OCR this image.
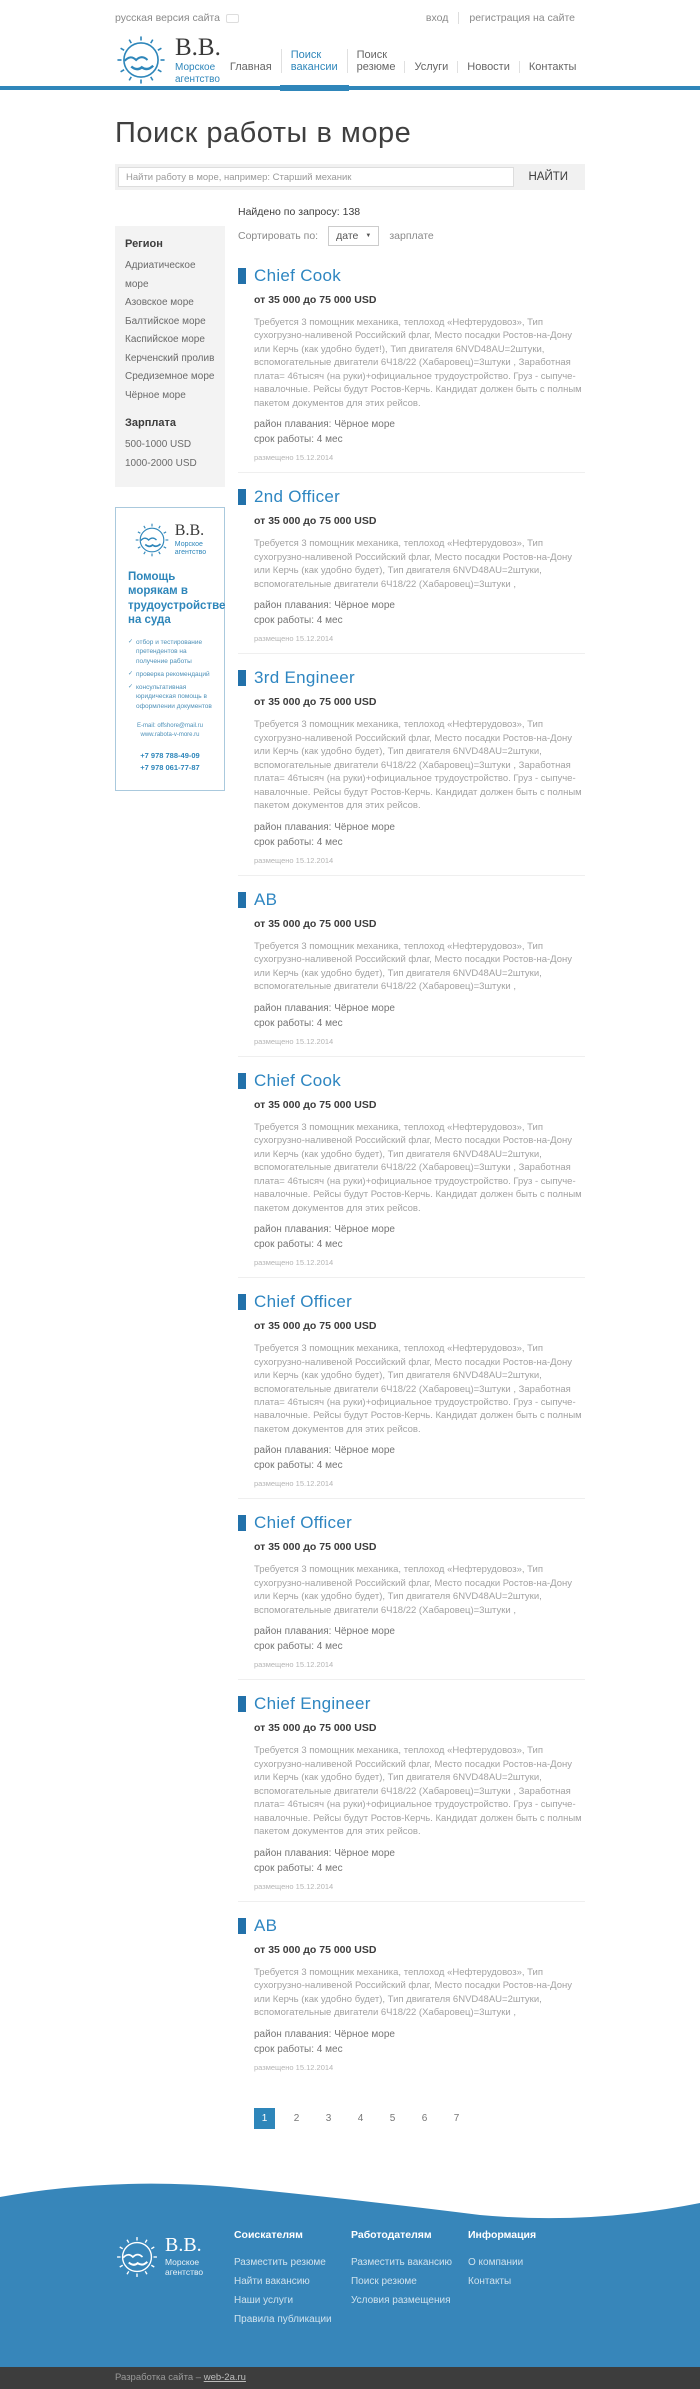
русская версия сайта	вход	регистрация на сайте
В.В.
Морское
агентство
Главная
Поиск вакансии
Поиск резюме	Услуги	Новости	Контакты
Поиск работы в море
Найти работу в море, например: Старший механик
НАЙТИ
Найдено по запросу: 138
Регион
Адриатическое море
Азовское море
Балтийское море
Каспийское море
Керченский пролив
Средиземное море
Чёрное море
Зарплата
500-1000 USD
1000-2000 USD
В.В.
Морское
агентство
Помощь морякам в трудоустройстве на суда
✓ отбор и тестирование претендентов на получение работы
✓ проверка рекомендаций
✓ консультативная юридическая помощь в оформлении документов
E-mail: offshore@mail.ru
www.rabota-v-more.ru
+7 978 788-49-09
+7 978 061-77-87
Сортировать по: дате ▼ зарплате
Chief Cook
от 35 000 до 75 000 USD

Требуется 3 помощник механика, теплоход «Нефтерудовоз», Тип сухогрузно-наливеной Российский флаг, Место посадки Ростов-на-Дону или Керчь (как удобно будет!), Тип двигателя 6NVD48AU=2штуки, вспомогательные двигатели 6Ч18/22 (Хабаровец)=3штуки , Заработная плата= 46тысяч (на руки)+официальное трудоустройство. Груз - сыпуче-навалочные. Рейсы будут Ростов-Керчь. Кандидат должен быть с полным пакетом документов для этих рейсов.

район плавания: Чёрное море
срок работы: 4 мес
размещено 15.12.2014
2nd Officer
от 35 000 до 75 000 USD

Требуется 3 помощник механика, теплоход «Нефтерудовоз», Тип сухогрузно-наливеной Российский флаг, Место посадки Ростов-на-Дону или Керчь (как удобно будет), Тип двигателя 6NVD48AU=2штуки, вспомогательные двигатели 6Ч18/22 (Хабаровец)=3штуки ,

район плавания: Чёрное море
срок работы: 4 мес
размещено 15.12.2014
3rd Engineer
от 35 000 до 75 000 USD

Требуется 3 помощник механика, теплоход «Нефтерудовоз», Тип сухогрузно-наливеной Российский флаг, Место посадки Ростов-на-Дону или Керчь (как удобно будет), Тип двигателя 6NVD48AU=2штуки, вспомогательные двигатели 6Ч18/22 (Хабаровец)=3штуки , Заработная плата= 46тысяч (на руки)+официальное трудоустройство. Груз - сыпуче-навалочные. Рейсы будут Ростов-Керчь. Кандидат должен быть с полным пакетом документов для этих рейсов.

район плавания: Чёрное море
срок работы: 4 мес
размещено 15.12.2014
AB
от 35 000 до 75 000 USD

Требуется 3 помощник механика, теплоход «Нефтерудовоз», Тип сухогрузно-наливеной Российский флаг, Место посадки Ростов-на-Дону или Керчь (как удобно будет), Тип двигателя 6NVD48AU=2штуки, вспомогательные двигатели 6Ч18/22 (Хабаровец)=3штуки ,

район плавания: Чёрное море
срок работы: 4 мес
размещено 15.12.2014
Chief Cook
от 35 000 до 75 000 USD

Требуется 3 помощник механика, теплоход «Нефтерудовоз», Тип сухогрузно-наливеной Российский флаг, Место посадки Ростов-на-Дону или Керчь (как удобно будет), Тип двигателя 6NVD48AU=2штуки, вспомогательные двигатели 6Ч18/22 (Хабаровец)=3штуки , Заработная плата= 46тысяч (на руки)+официальное трудоустройство. Груз - сыпуче-навалочные. Рейсы будут Ростов-Керчь. Кандидат должен быть с полным пакетом документов для этих рейсов.

район плавания: Чёрное море
срок работы: 4 мес
размещено 15.12.2014
Chief Officer
от 35 000 до 75 000 USD

Требуется 3 помощник механика, теплоход «Нефтерудовоз», Тип сухогрузно-наливеной Российский флаг, Место посадки Ростов-на-Дону или Керчь (как удобно будет), Тип двигателя 6NVD48AU=2штуки, вспомогательные двигатели 6Ч18/22 (Хабаровец)=3штуки , Заработная плата= 46тысяч (на руки)+официальное трудоустройство. Груз - сыпуче-навалочные. Рейсы будут Ростов-Керчь. Кандидат должен быть с полным пакетом документов для этих рейсов.

район плавания: Чёрное море
срок работы: 4 мес
размещено 15.12.2014
Chief Officer
от 35 000 до 75 000 USD

Требуется 3 помощник механика, теплоход «Нефтерудовоз», Тип сухогрузно-наливеной Российский флаг, Место посадки Ростов-на-Дону или Керчь (как удобно будет), Тип двигателя 6NVD48AU=2штуки, вспомогательные двигатели 6Ч18/22 (Хабаровец)=3штуки ,

район плавания: Чёрное море
срок работы: 4 мес
размещено 15.12.2014
Chief Engineer
от 35 000 до 75 000 USD

Требуется 3 помощник механика, теплоход «Нефтерудовоз», Тип сухогрузно-наливеной Российский флаг, Место посадки Ростов-на-Дону или Керчь (как удобно будет), Тип двигателя 6NVD48AU=2штуки, вспомогательные двигатели 6Ч18/22 (Хабаровец)=3штуки , Заработная плата= 46тысяч (на руки)+официальное трудоустройство. Груз - сыпуче-навалочные. Рейсы будут Ростов-Керчь. Кандидат должен быть с полным пакетом документов для этих рейсов.

район плавания: Чёрное море
срок работы: 4 мес
размещено 15.12.2014
AB
от 35 000 до 75 000 USD

Требуется 3 помощник механика, теплоход «Нефтерудовоз», Тип сухогрузно-наливеной Российский флаг, Место посадки Ростов-на-Дону или Керчь (как удобно будет), Тип двигателя 6NVD48AU=2штуки, вспомогательные двигатели 6Ч18/22 (Хабаровец)=3штуки ,

район плавания: Чёрное море
срок работы: 4 мес
размещено 15.12.2014
1	2	3	4	5	6	7
В.В.
Морское
агентство
Соискателям
Разместить резюме
Найти вакансию
Наши услуги
Правила публикации
Работодателям
Разместить вакансию
Поиск резюме
Условия размещения
Информация
О компании
Контакты
Разработка сайта – web-2a.ru
